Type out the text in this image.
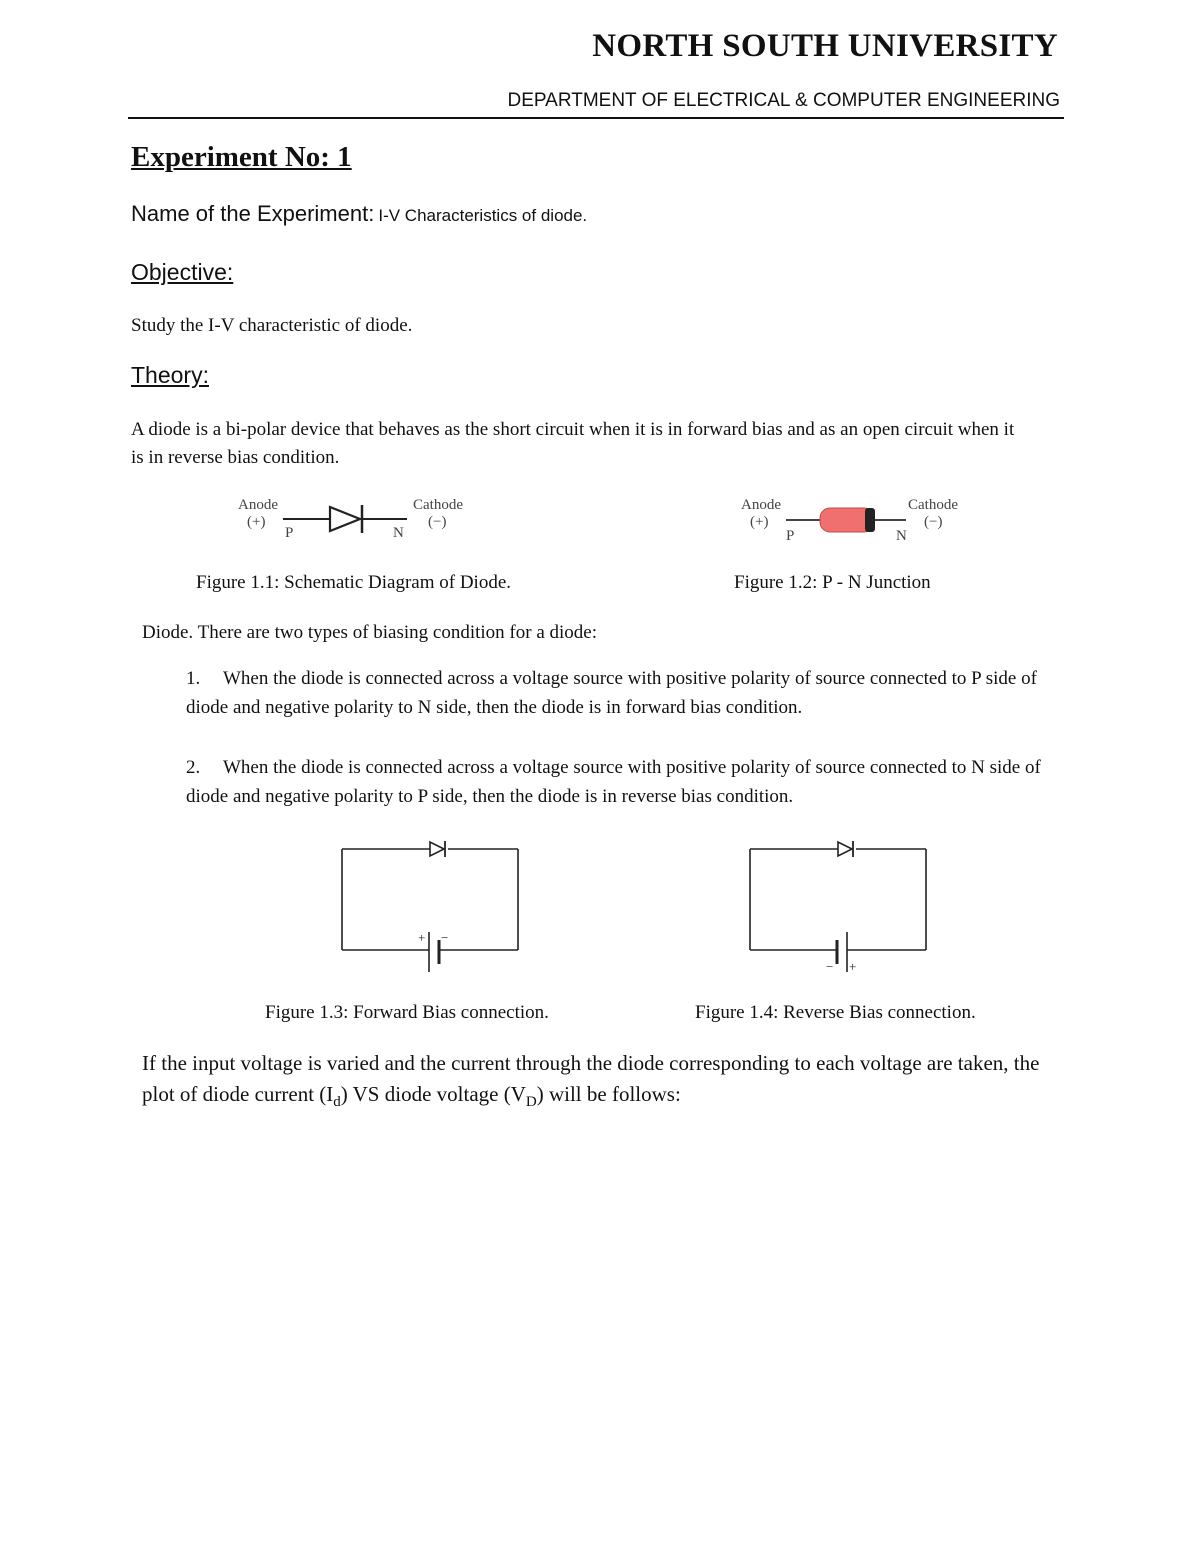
NORTH SOUTH UNIVERSITY
DEPARTMENT OF ELECTRICAL & COMPUTER ENGINEERING
Experiment No: 1
Name of the Experiment: I-V Characteristics of diode.
Objective:
Study the I-V characteristic of diode.
Theory:
A diode is a bi-polar device that behaves as the short circuit when it is in forward bias and as an open circuit when it is in reverse bias condition.
Anode
(+)
Cathode
(−)
P	N
Figure 1.1: Schematic Diagram of Diode.
Anode
(+)
Cathode
(−)
P	N
Figure 1.2: P - N Junction
Diode. There are two types of biasing condition for a diode:
When the diode is connected across a voltage source with positive polarity of source connected to P side of diode and negative polarity to N side, then the diode is in forward bias condition.
2.	When the diode is connected across a voltage source with positive polarity of source connected to N side of diode and negative polarity to P side, then the diode is in reverse bias condition.
+ −
Figure 1.3: Forward Bias connection.
− +
Figure 1.4: Reverse Bias connection.
If the input voltage is varied and the current through the diode corresponding to each voltage are taken, the plot of diode current $(I_d)$ VS diode voltage $(V_D)$ will be follows:
1.
